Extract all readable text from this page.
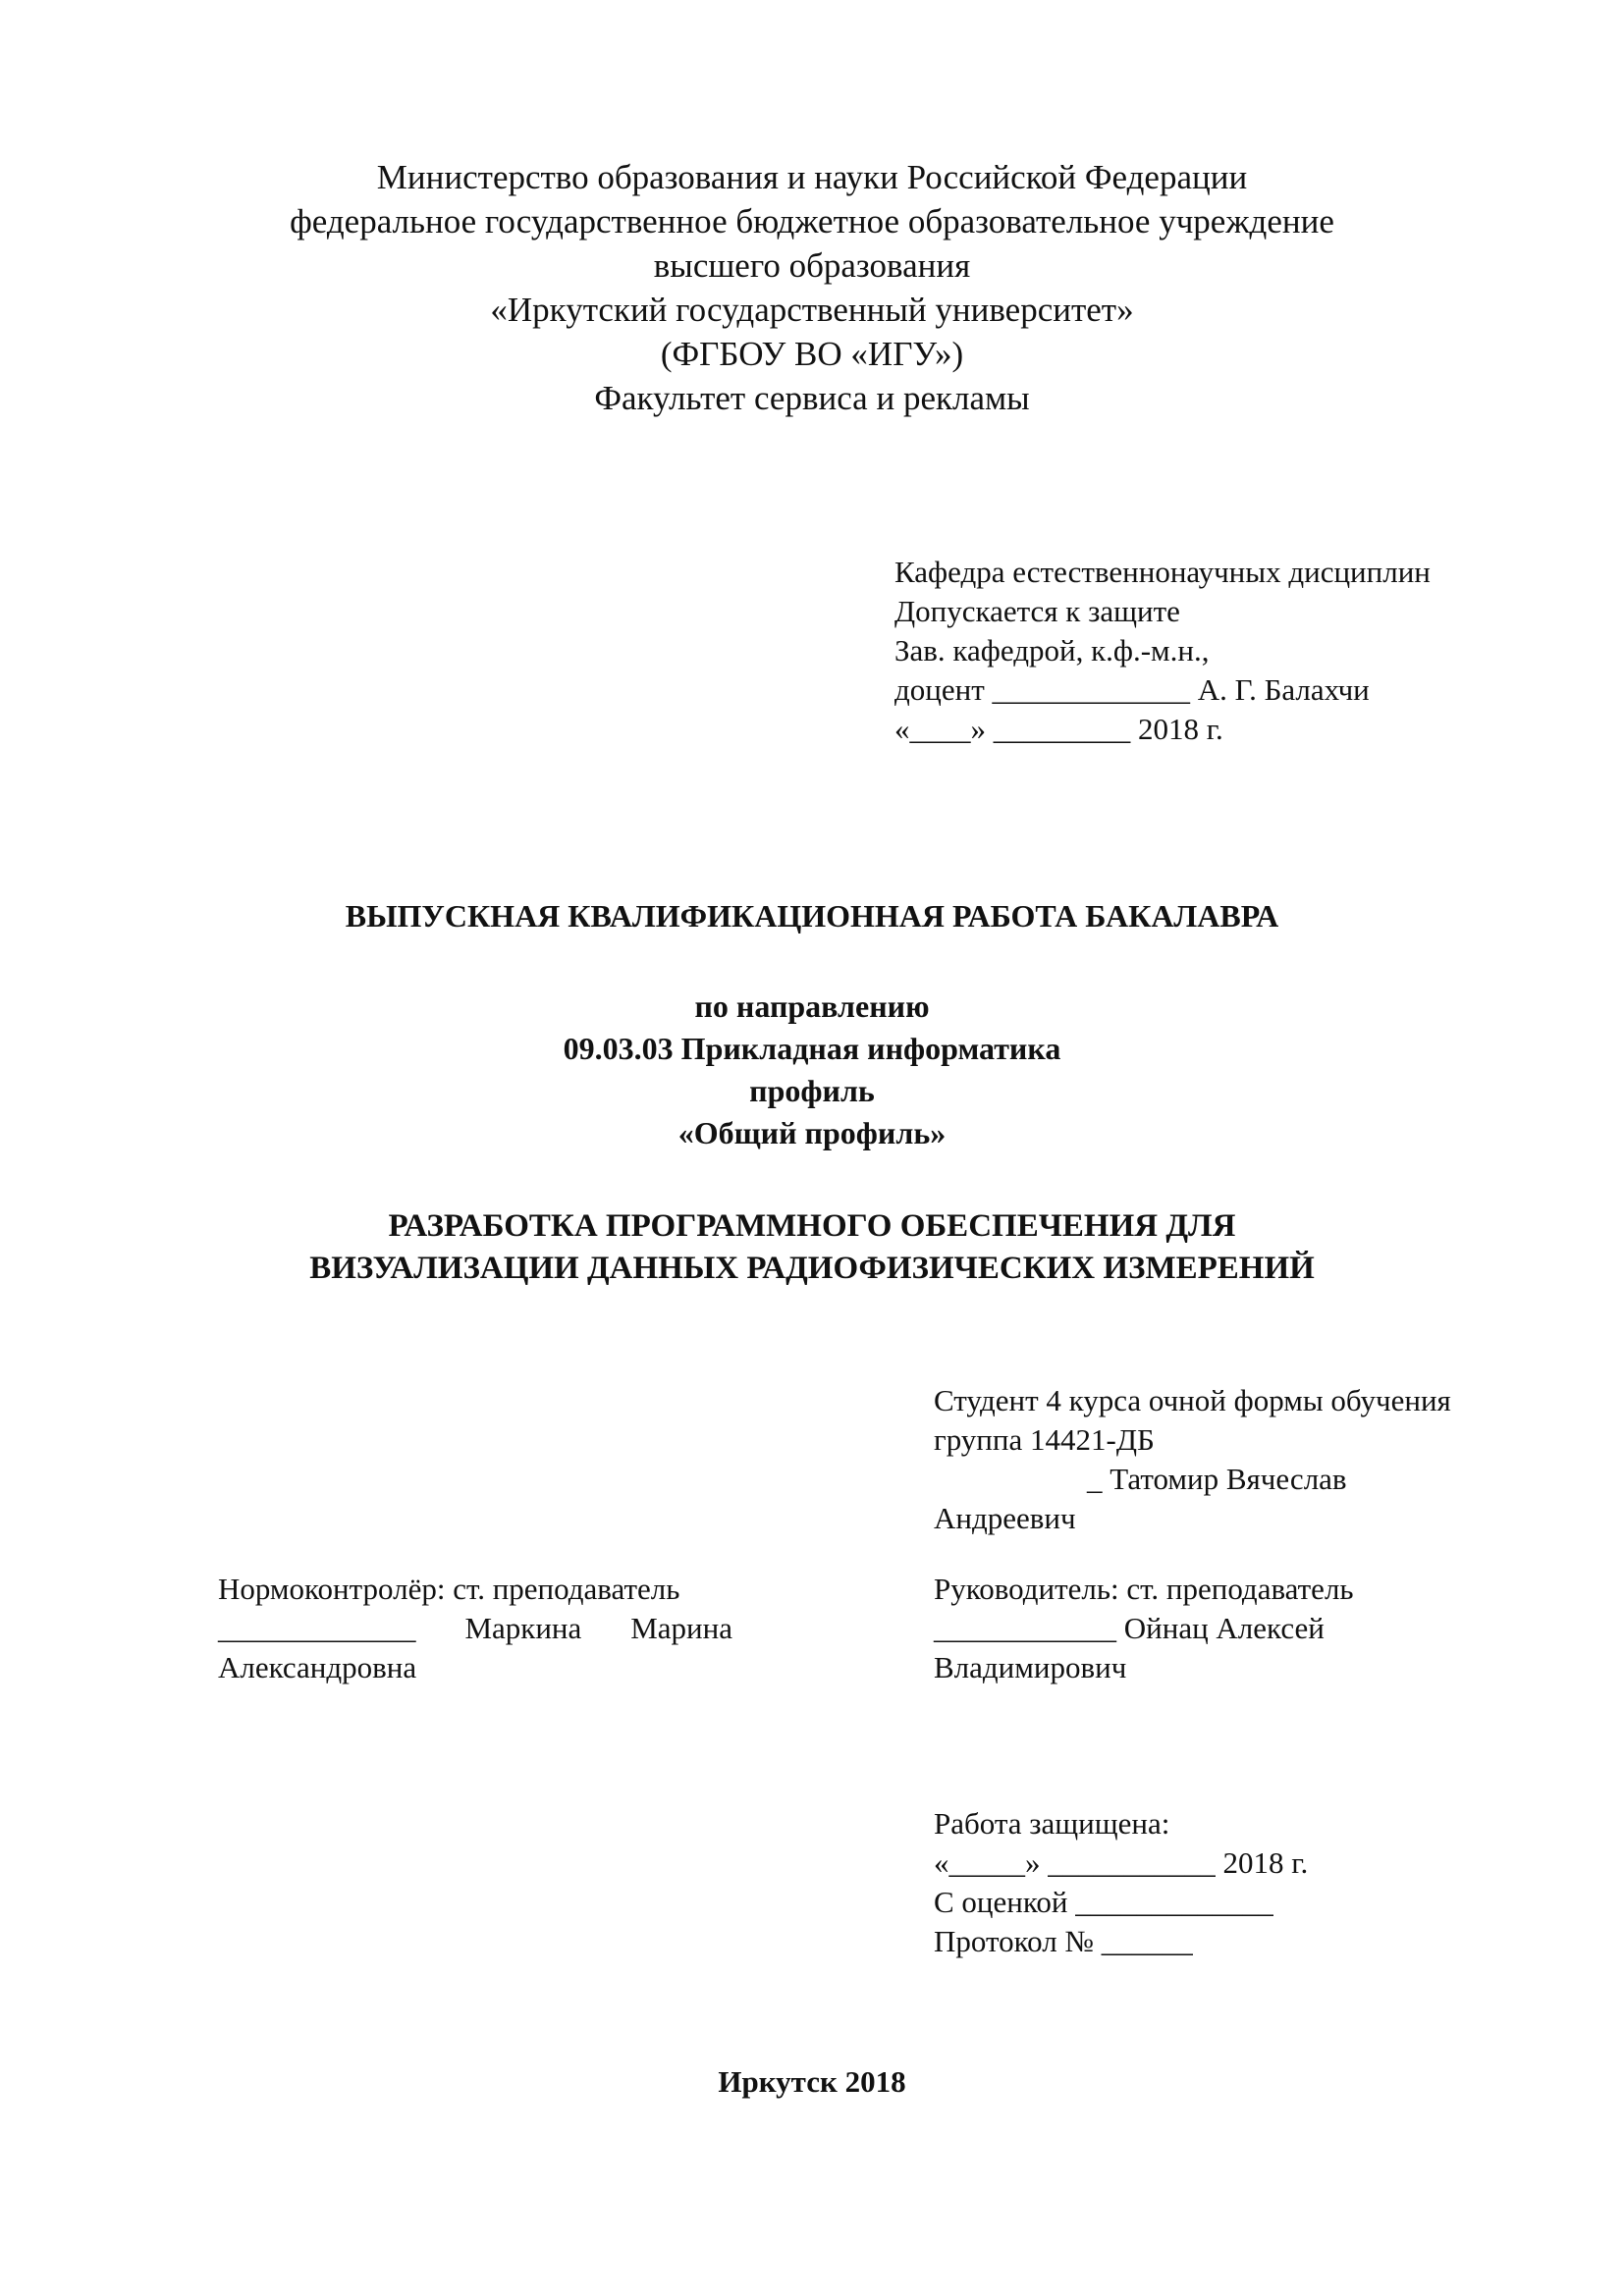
Министерство образования и науки Российской Федерации
федеральное государственное бюджетное образовательное учреждение
высшего образования
«Иркутский государственный университет»
(ФГБОУ ВО «ИГУ»)
Факультет сервиса и рекламы
Кафедра естественнонаучных дисциплин
Допускается к защите
Зав. кафедрой, к.ф.-м.н.,
доцент _____________ А. Г. Балахчи
«____» _________ 2018 г.
ВЫПУСКНАЯ КВАЛИФИКАЦИОННАЯ РАБОТА БАКАЛАВРА
по направлению
09.03.03 Прикладная информатика
профиль
«Общий профиль»
РАЗРАБОТКА ПРОГРАММНОГО ОБЕСПЕЧЕНИЯ ДЛЯ
ВИЗУАЛИЗАЦИИ ДАННЫХ РАДИОФИЗИЧЕСКИХ ИЗМЕРЕНИЙ
Студент 4 курса очной формы обучения
группа 14421-ДБ
_ Татомир Вячеслав
Андреевич
Нормоконтролёр: ст. преподаватель
_____________ Маркина Марина
Александровна
Руководитель: ст. преподаватель
____________ Ойнац Алексей
Владимирович
Работа защищена:
«_____» ___________ 2018 г.
С оценкой _____________
Протокол № ______
Иркутск 2018
